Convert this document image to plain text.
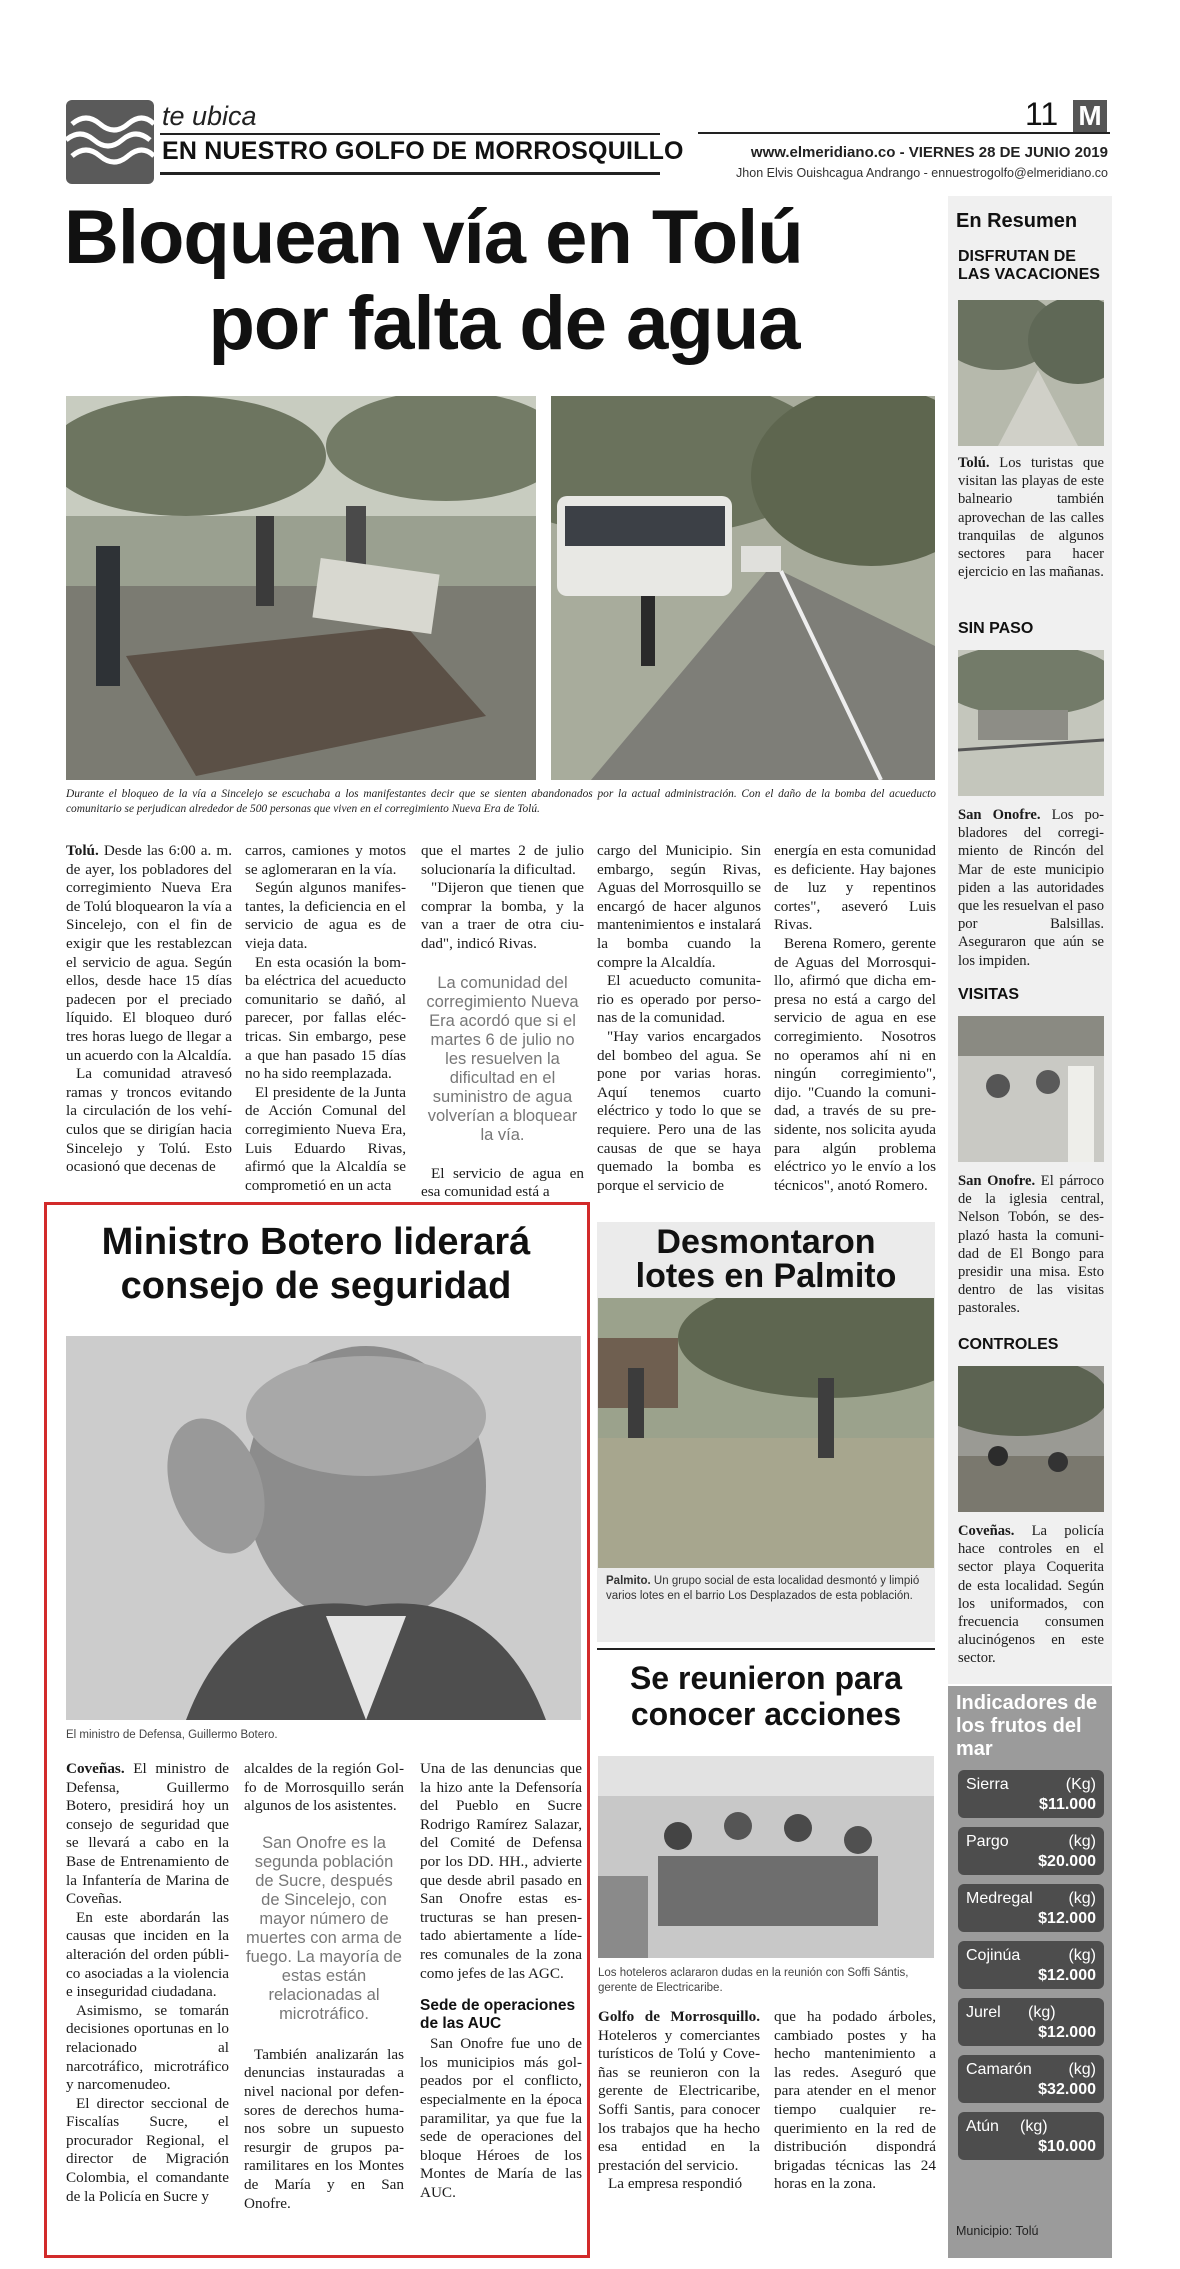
te ubica
EN NUESTRO GOLFO DE MORROSQUILLO
11 M
www.elmeridiano.co - VIERNES 28 DE JUNIO 2019
Jhon Elvis Ouishcagua Andrango - ennuestrogolfo@elmeridiano.co
Bloquean vía en Tolú
por falta de agua
Durante el bloqueo de la vía a Sincelejo se escuchaba a los manifestantes decir que se sienten abandonados por la actual administración. Con el daño de la bomba del acueducto comunitario se perjudican alrededor de 500 personas que viven en el corregimiento Nueva Era de Tolú.

Tolú. Desde las 6:00 a. m. de ayer, los pobladores del corregimiento Nueva Era de Tolú bloquearon la vía a Sincelejo, con el fin de exigir que les restablezcan el servicio de agua. Según ellos, desde hace 15 días padecen por el preciado líquido. El bloqueo duró tres horas luego de llegar a un acuerdo con la Alcaldía.

La comunidad atravesó ramas y troncos evitando la circulación de los vehículos que se dirigían hacia Sincelejo y Tolú. Esto ocasionó que decenas de

carros, camiones y motos se aglomeraran en la vía.

Según algunos manifestantes, la deficiencia en el servicio de agua es de vieja data.

En esta ocasión la bomba eléctrica del acueducto comunitario se dañó, al parecer, por fallas eléctricas. Sin embargo, pese a que han pasado 15 días no ha sido reemplazada.

El presidente de la Junta de Acción Comunal del corregimiento Nueva Era, Luis Eduardo Rivas, afirmó que la Alcaldía se comprometió en un acta

que el martes 2 de julio solucionaría la dificultad.

"Dijeron que tienen que comprar la bomba, y la van a traer de otra ciudad", indicó Rivas.

La comunidad del corregimiento Nueva Era acordó que si el martes 6 de julio no les resuelven la dificultad en el suministro de agua volverían a bloquear la vía.

El servicio de agua en esa comunidad está a

cargo del Municipio. Sin embargo, según Rivas, Aguas del Morrosquillo se encargó de hacer algunos mantenimientos e instalará la bomba cuando la compre la Alcaldía.

El acueducto comunitario es operado por personas de la comunidad.

"Hay varios encargados del bombeo del agua. Se pone por varias horas. Aquí tenemos cuarto eléctrico y todo lo que se requiere. Pero una de las causas de que se haya quemado la bomba es porque el servicio de

energía en esta comunidad es deficiente. Hay bajones de luz y repentinos cortes", aseveró Luis Rivas.

Berena Romero, gerente de Aguas del Morrosquillo, afirmó que dicha empresa no está a cargo del servicio de agua en ese corregimiento. Nosotros no operamos ahí ni en ningún corregimiento", dijo. "Cuando la comunidad, a través de su presidente, nos solicita ayuda para algún problema eléctrico yo le envío a los técnicos", anotó Romero.

Ministro Botero liderará
consejo de seguridad
El ministro de Defensa, Guillermo Botero.

Coveñas. El ministro de Defensa, Guillermo Botero, presidirá hoy un consejo de seguridad que se llevará a cabo en la Base de Entrenamiento de la Infantería de Marina de Coveñas.

En este abordarán las causas que inciden en la alteración del orden público asociadas a la violencia e inseguridad ciudadana.

Asimismo, se tomarán decisiones oportunas en lo relacionado al narcotráfico, microtráfico y narcomenudeo.

El director seccional de Fiscalías Sucre, el procurador Regional, el director de Migración Colombia, el comandante de la Policía en Sucre y

alcaldes de la región Golfo de Morrosquillo serán algunos de los asistentes.

San Onofre es la segunda población de Sucre, después de Sincelejo, con mayor número de muertes con arma de fuego. La mayoría de estas están relacionadas al microtráfico.

También analizarán las denuncias instauradas a nivel nacional por defensores de derechos humanos sobre un supuesto resurgir de grupos paramilitares en los Montes de María y en San Onofre.

Una de las denuncias que la hizo ante la Defensoría del Pueblo en Sucre Rodrigo Ramírez Salazar, del Comité de Defensa por los DD. HH., advierte que desde abril pasado en San Onofre estas estructuras se han presentado abiertamente a líderes comunales de la zona como jefes de las AGC.

Sede de operaciones de las AUC

San Onofre fue uno de los municipios más golpeados por el conflicto, especialmente en la época paramilitar, ya que fue la sede de operaciones del bloque Héroes de los Montes de María de las AUC.

Desmontaron
lotes en Palmito
Palmito. Un grupo social de esta localidad desmontó y limpió varios lotes en el barrio Los Desplazados de esta población.
Se reunieron para
conocer acciones
Los hoteleros aclararon dudas en la reunión con Soffi Sántis, gerente de Electricaribe.

Golfo de Morrosquillo. Hoteleros y comerciantes turísticos de Tolú y Coveñas se reunieron con la gerente de Electricaribe, Soffi Santis, para conocer los trabajos que ha hecho esa entidad en la prestación del servicio.

La empresa respondió

que ha podado árboles, cambiado postes y ha hecho mantenimiento a las redes. Aseguró que para atender en el menor tiempo cualquier requerimiento en la red de distribución dispondrá brigadas técnicas las 24 horas en la zona.

En Resumen
DISFRUTAN DE LAS VACACIONES
Tolú. Los turistas que visitan las playas de este balneario también aprovechan de las calles tranquilas de algunos sectores para hacer ejercicio en las mañanas.
SIN PASO
San Onofre. Los pobladores del corregimiento de Rincón del Mar de este municipio piden a las autoridades que les resuelvan el paso por Balsillas. Aseguraron que aún se los impiden.
VISITAS
San Onofre. El párroco de la iglesia central, Nelson Tobón, se desplazó hasta la comunidad de El Bongo para presidir una misa. Esto dentro de las visitas pastorales.
CONTROLES
Coveñas. La policía hace controles en el sector playa Coquerita de esta localidad. Según los uniformados, con frecuencia consumen alucinógenos en este sector.
Indicadores de los frutos del mar
Sierra	(Kg)
$11.000
Pargo	(kg)
$20.000
Medregal (kg)
$12.000
Cojinúa	(kg)
$12.000
Jurel (kg)
$12.000
Camarón (kg)
$32.000
Atún (kg)
$10.000
Municipio: Tolú
